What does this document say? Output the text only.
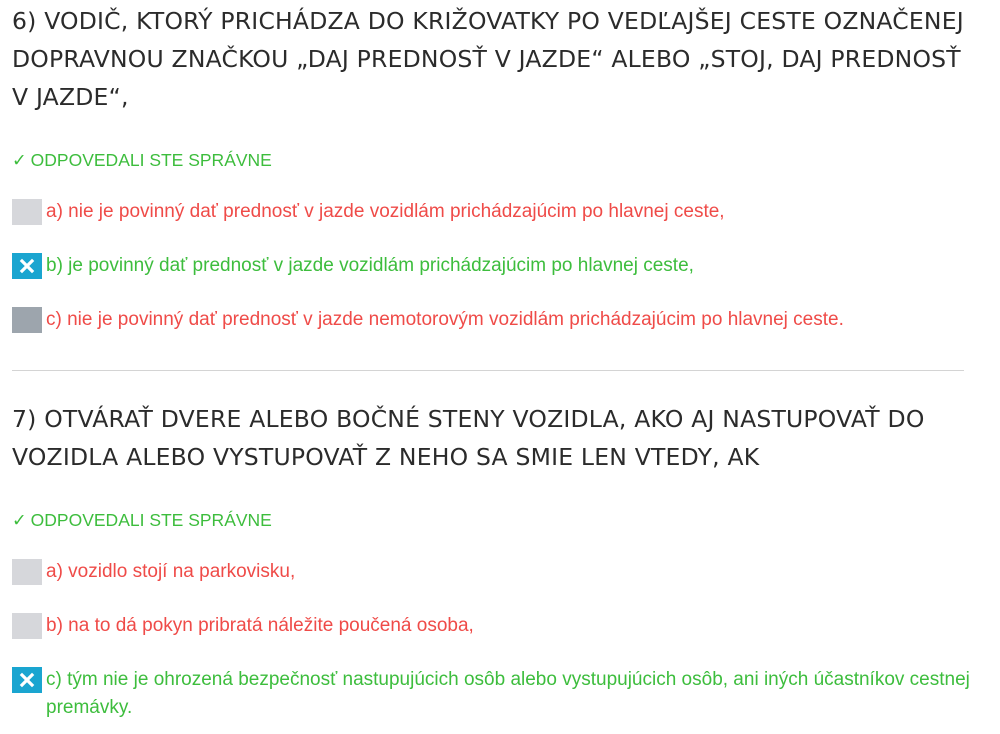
6) VODIČ, KTORÝ PRICHÁDZA DO KRIŽOVATKY PO VEDĽAJŠEJ CESTE OZNAČENEJ DOPRAVNOU ZNAČKOU „DAJ PREDNOSŤ V JAZDE“ ALEBO „STOJ, DAJ PREDNOSŤ V JAZDE“,
✓ ODPOVEDALI STE SPRÁVNE
a) nie je povinný dať prednosť v jazde vozidlám prichádzajúcim po hlavnej ceste,
b) je povinný dať prednosť v jazde vozidlám prichádzajúcim po hlavnej ceste,
c) nie je povinný dať prednosť v jazde nemotorovým vozidlám prichádzajúcim po hlavnej ceste.
7) OTVÁRAŤ DVERE ALEBO BOČNÉ STENY VOZIDLA, AKO AJ NASTUPOVAŤ DO VOZIDLA ALEBO VYSTUPOVAŤ Z NEHO SA SMIE LEN VTEDY, AK
✓ ODPOVEDALI STE SPRÁVNE
a) vozidlo stojí na parkovisku,
b) na to dá pokyn pribratá náležite poučená osoba,
c) tým nie je ohrozená bezpečnosť nastupujúcich osôb alebo vystupujúcich osôb, ani iných účastníkov cestnej premávky.
